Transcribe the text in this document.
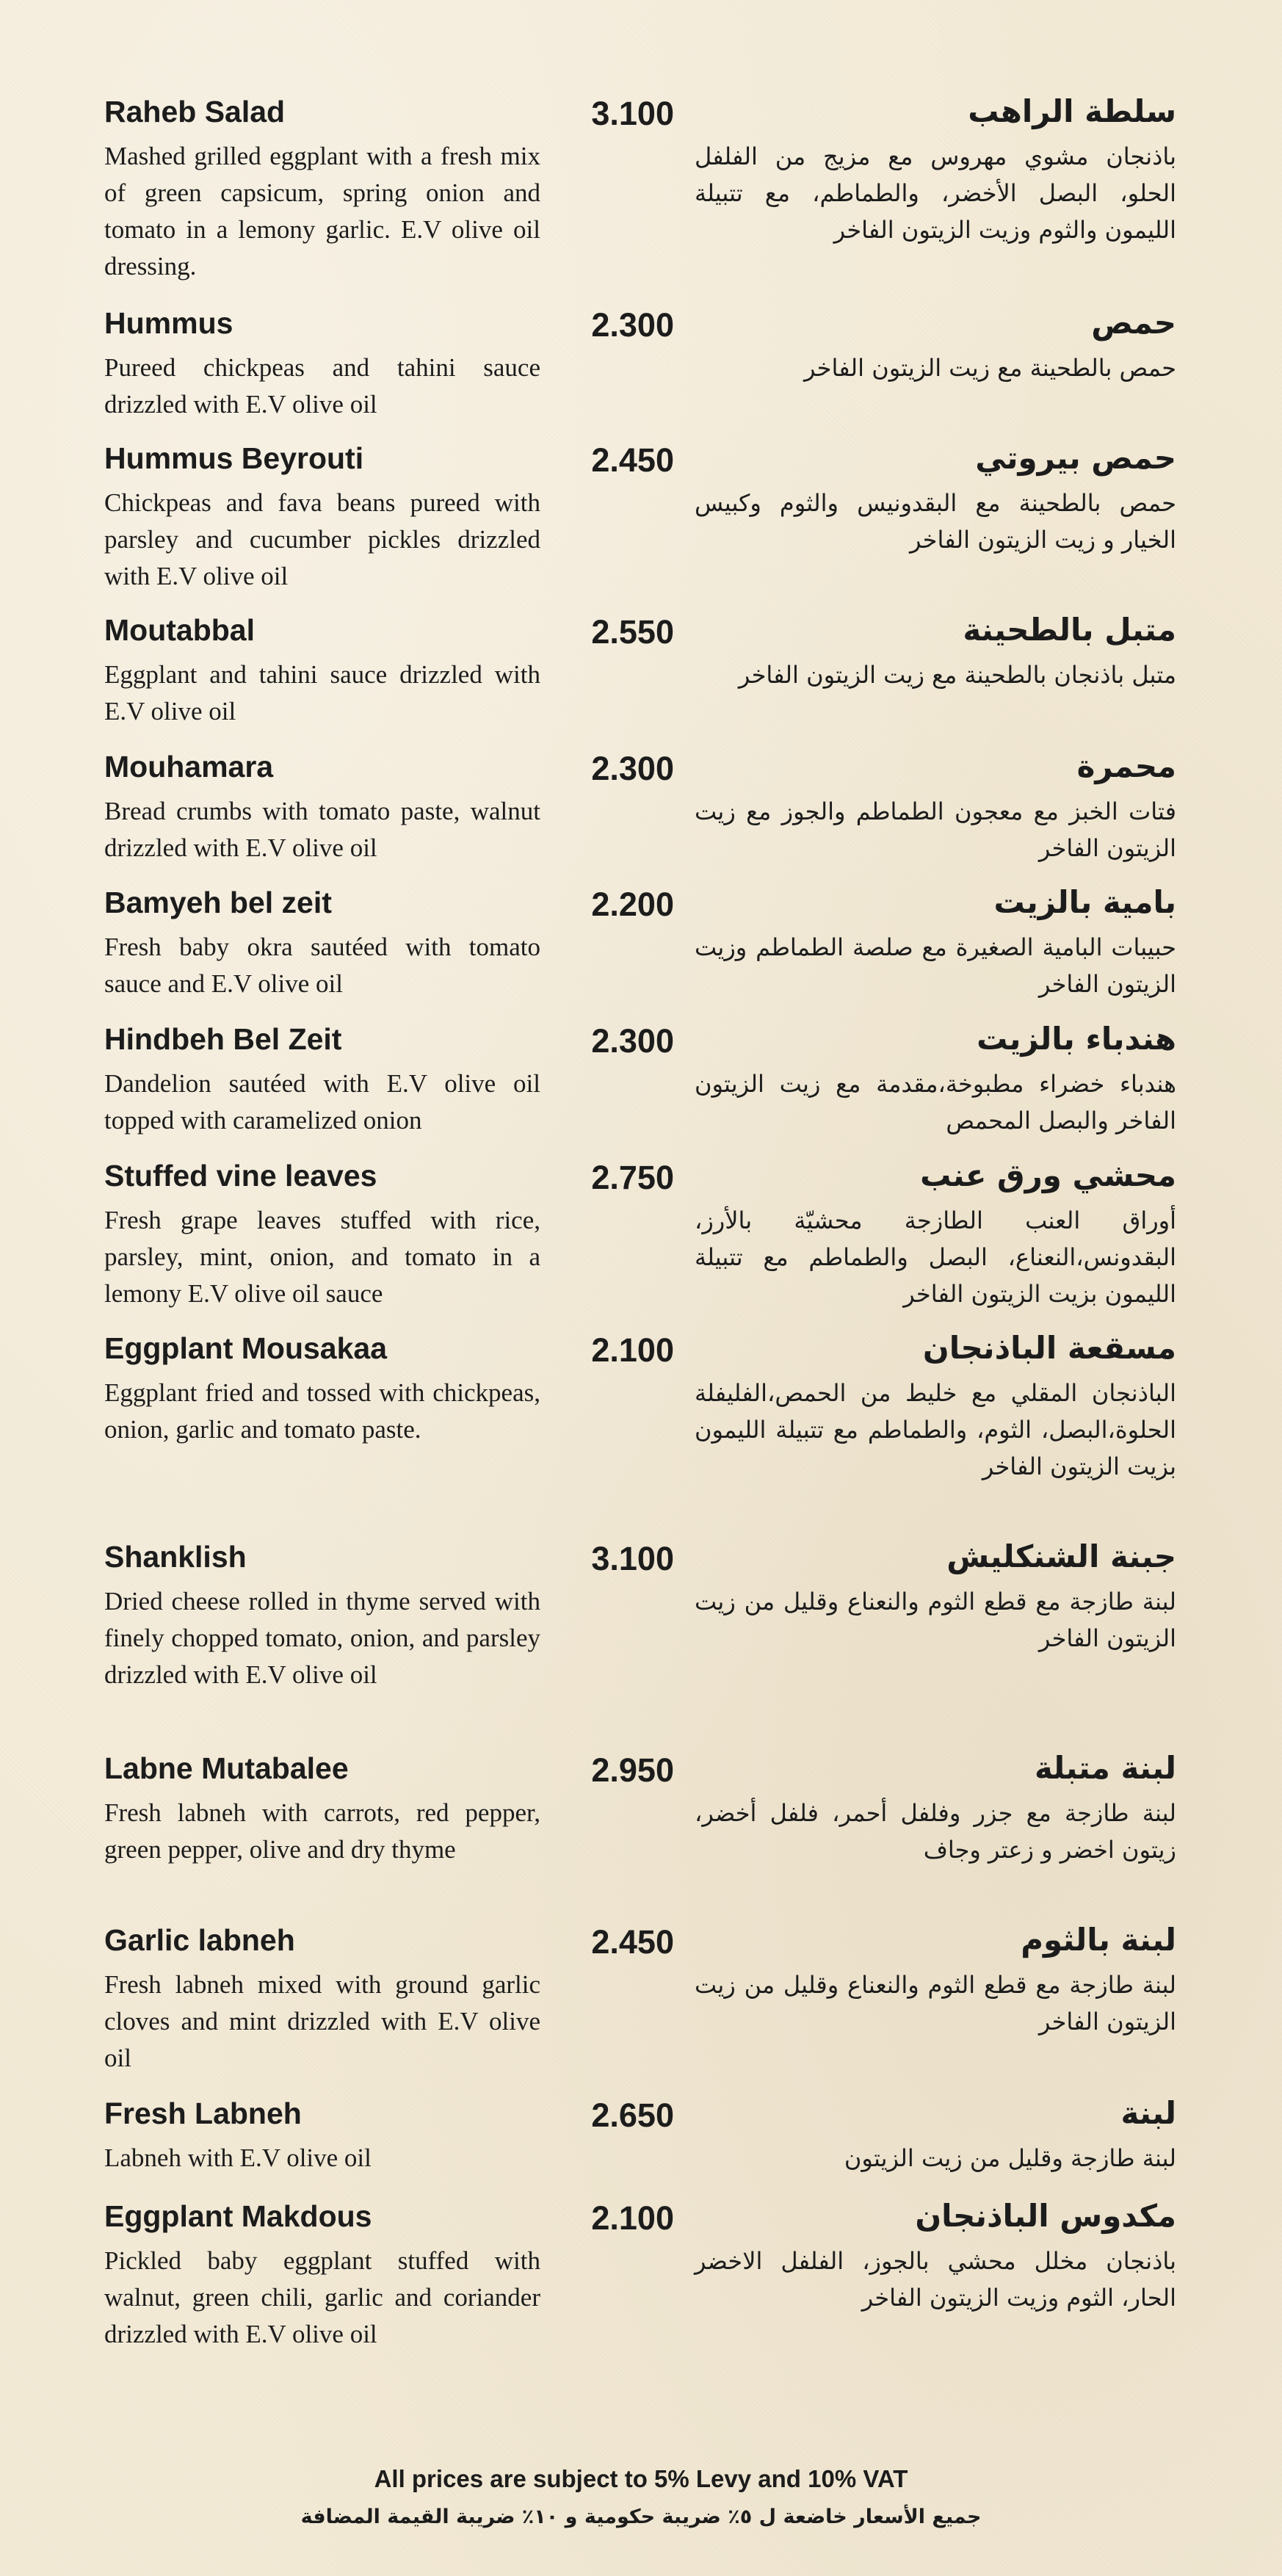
Raheb Salad	3.100
Mashed grilled eggplant with a fresh mix of green capsicum, spring onion and tomato in a lemony garlic. E.V olive oil dressing.
سلطة الراهب
باذنجان مشوي مهروس مع مزيج من الفلفل الحلو، البصل الأخضر، والطماطم، مع تتبيلة الليمون والثوم وزيت الزيتون الفاخر
Hummus	2.300
Pureed chickpeas and tahini sauce drizzled with E.V olive oil
حمص
حمص بالطحينة مع زيت الزيتون الفاخر
Hummus Beyrouti	2.450
Chickpeas and fava beans pureed with parsley and cucumber pickles drizzled with E.V olive oil
حمص بيروتي
حمص بالطحينة مع البقدونيس والثوم وكبيس الخيار و زيت الزيتون الفاخر
Moutabbal	2.550
Eggplant and tahini sauce drizzled with E.V olive oil
متبل بالطحينة
متبل باذنجان بالطحينة مع زيت الزيتون الفاخر
Mouhamara	2.300
Bread crumbs with tomato paste, walnut drizzled with E.V olive oil
محمرة
فتات الخبز مع معجون الطماطم والجوز مع زيت الزيتون الفاخر
Bamyeh bel zeit	2.200
Fresh baby okra sautéed with tomato sauce and E.V olive oil
بامية بالزيت
حبيبات البامية الصغيرة مع صلصة الطماطم وزيت الزيتون الفاخر
Hindbeh Bel Zeit	2.300
Dandelion sautéed with E.V olive oil topped with caramelized onion
هندباء بالزيت
هندباء خضراء مطبوخة،مقدمة مع زيت الزيتون الفاخر والبصل المحمص
Stuffed vine leaves	2.750
Fresh grape leaves stuffed with rice, parsley, mint, onion, and tomato in a lemony E.V olive oil sauce
محشي ورق عنب
أوراق العنب الطازجة محشيّة بالأرز، البقدونس،النعناع، البصل والطماطم مع تتبيلة الليمون بزيت الزيتون الفاخر
Eggplant Mousakaa	2.100
Eggplant fried and tossed with chickpeas, onion, garlic and tomato paste.
مسقعة الباذنجان
الباذنجان المقلي مع خليط من الحمص،الفليفلة الحلوة،البصل، الثوم، والطماطم مع تتبيلة الليمون بزيت الزيتون الفاخر
Shanklish	3.100
Dried cheese rolled in thyme served with finely chopped tomato, onion, and parsley drizzled with E.V olive oil
جبنة الشنكليش
لبنة طازجة مع قطع الثوم والنعناع وقليل من زيت الزيتون الفاخر
Labne Mutabalee	2.950
Fresh labneh with carrots, red pepper, green pepper, olive and dry thyme
لبنة متبلة
لبنة طازجة مع جزر وفلفل أحمر، فلفل أخضر، زيتون اخضر و زعتر وجاف
Garlic labneh	2.450
Fresh labneh mixed with ground garlic cloves and mint drizzled with E.V olive oil
لبنة بالثوم
لبنة طازجة مع قطع الثوم والنعناع وقليل من زيت الزيتون الفاخر
Fresh Labneh	2.650
Labneh with E.V olive oil
لبنة
لبنة طازجة وقليل من زيت الزيتون
Eggplant Makdous	2.100
Pickled baby eggplant stuffed with walnut, green chili, garlic and coriander drizzled with E.V olive oil
مكدوس الباذنجان
باذنجان مخلل محشي بالجوز، الفلفل الاخضر الحار، الثوم وزيت الزيتون الفاخر
All prices are subject to 5% Levy and 10% VAT
جميع الأسعار خاضعة ل ٥٪ ضريبة حكومية و ١٠٪ ضريبة القيمة المضافة
